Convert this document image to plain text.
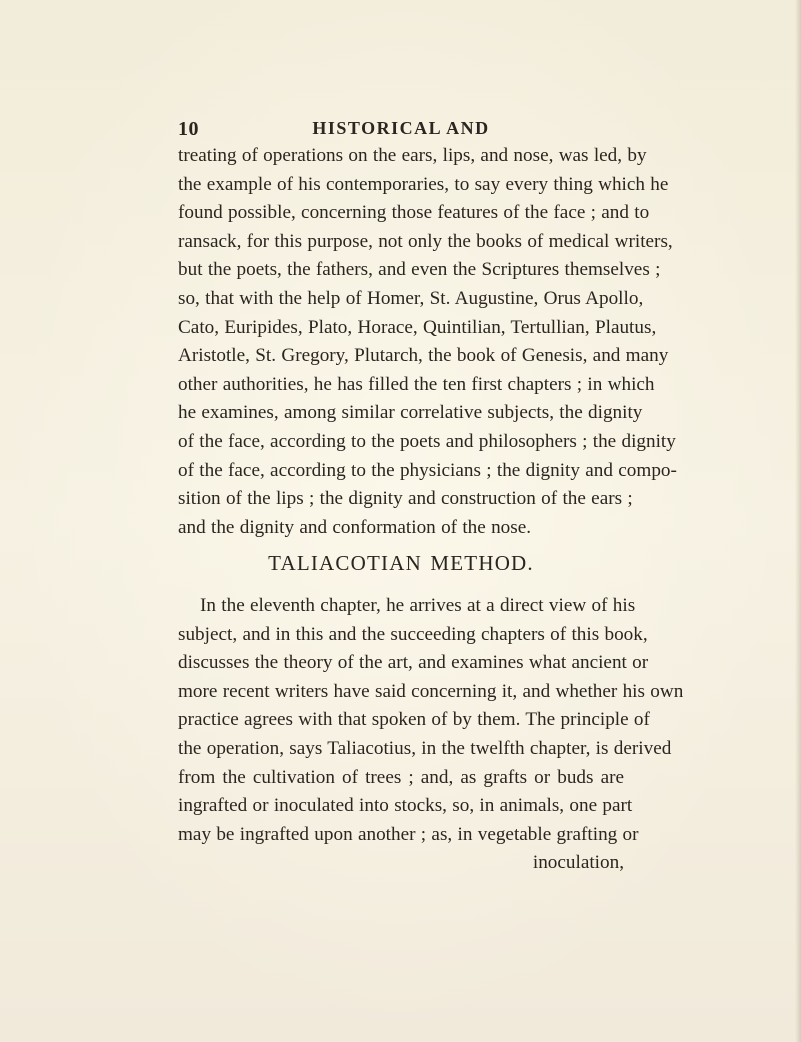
10	HISTORICAL AND
treating of operations on the ears, lips, and nose, was led, by
the example of his contemporaries, to say every thing which he
found possible, concerning those features of the face ; and to
ransack, for this purpose, not only the books of medical writers,
but the poets, the fathers, and even the Scriptures themselves ;
so, that with the help of Homer, St. Augustine, Orus Apollo,
Cato, Euripides, Plato, Horace, Quintilian, Tertullian, Plautus,
Aristotle, St. Gregory, Plutarch, the book of Genesis, and many
other authorities, he has filled the ten first chapters ; in which
he examines, among similar correlative subjects, the dignity
of the face, according to the poets and philosophers ; the dignity
of the face, according to the physicians ; the dignity and compo-
sition of the lips ; the dignity and construction of the ears ;
and the dignity and conformation of the nose.
TALIACOTIAN METHOD.
In the eleventh chapter, he arrives at a direct view of his
subject, and in this and the succeeding chapters of this book,
discusses the theory of the art, and examines what ancient or
more recent writers have said concerning it, and whether his own
practice agrees with that spoken of by them. The principle of
the operation, says Taliacotius, in the twelfth chapter, is derived
from the cultivation of trees ; and, as grafts or buds are
ingrafted or inoculated into stocks, so, in animals, one part
may be ingrafted upon another ; as, in vegetable grafting or
inoculation,
